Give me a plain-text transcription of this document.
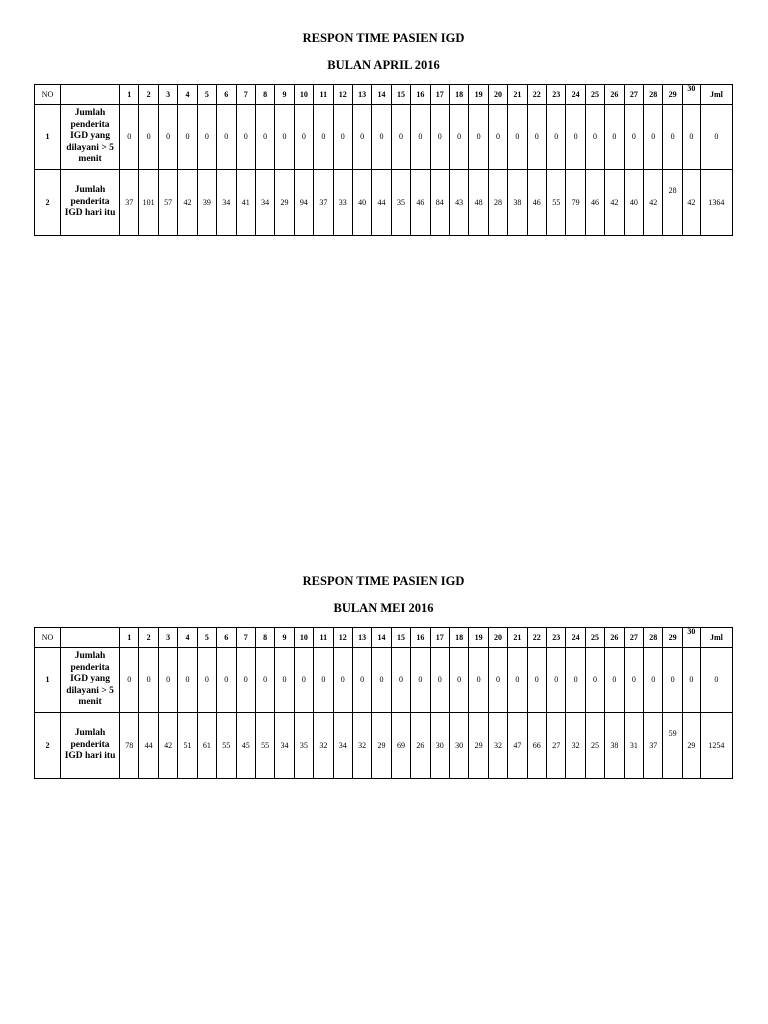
RESPON TIME PASIEN IGD

BULAN APRIL 2016

NO		1	2	3	4	5	6	7	8	9	10	11	12	13	14	15	16	17	18	19	20	21	22	23	24	25	26	27	28	29	30	Jml
1	Jumlah penderita IGD yang dilayani > 5 menit	0	0	0	0	0	0	0	0	0	0	0	0	0	0	0	0	0	0	0	0	0	0	0	0	0	0	0	0	0	0	0
2	Jumlah penderita IGD hari itu	37	101	57	42	39	34	41	34	29	94	37	33	40	44	35	46	84	43	48	28	38	46	55	79	46	42	40	42	28	42	1364

RESPON TIME PASIEN IGD

BULAN MEI 2016

NO		1	2	3	4	5	6	7	8	9	10	11	12	13	14	15	16	17	18	19	20	21	22	23	24	25	26	27	28	29	30	Jml
1	Jumlah penderita IGD yang dilayani > 5 menit	0	0	0	0	0	0	0	0	0	0	0	0	0	0	0	0	0	0	0	0	0	0	0	0	0	0	0	0	0	0	0
2	Jumlah penderita IGD hari itu	78	44	42	51	61	55	45	55	34	35	32	34	32	29	69	26	30	30	29	32	47	66	27	32	25	38	31	37	59	29	1254
